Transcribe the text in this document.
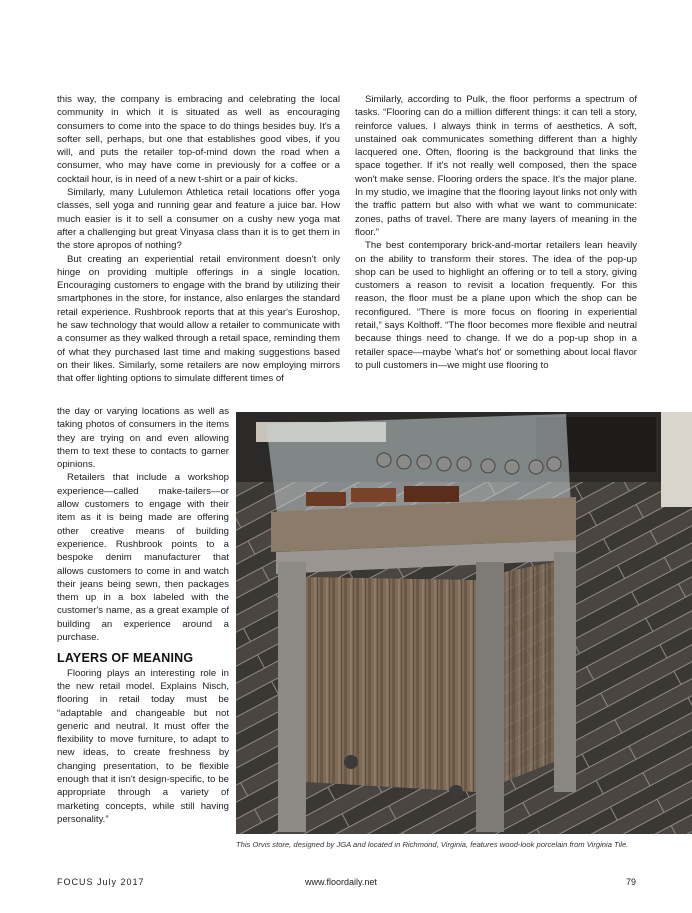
this way, the company is embracing and celebrating the local community in which it is situated as well as encouraging consumers to come into the space to do things besides buy. It's a softer sell, perhaps, but one that establishes good vibes, if you will, and puts the retailer top-of-mind down the road when a consumer, who may have come in previously for a coffee or a cocktail hour, is in need of a new t-shirt or a pair of kicks.

Similarly, many Lululemon Athletica retail locations offer yoga classes, sell yoga and running gear and feature a juice bar. How much easier is it to sell a consumer on a cushy new yoga mat after a challenging but great Vinyasa class than it is to get them in the store apropos of nothing?

But creating an experiential retail environment doesn't only hinge on providing multiple offerings in a single location. Encouraging customers to engage with the brand by utilizing their smartphones in the store, for instance, also enlarges the standard retail experience. Rushbrook reports that at this year's Euroshop, he saw technology that would allow a retailer to communicate with a consumer as they walked through a retail space, reminding them of what they purchased last time and making suggestions based on their likes. Similarly, some retailers are now employing mirrors that offer lighting options to simulate different times of

the day or varying locations as well as taking photos of consumers in the items they are trying on and even allowing them to text these to contacts to garner opinions.

Retailers that include a workshop experience—called make-tailers—or allow customers to engage with their item as it is being made are offering other creative means of building experience. Rushbrook points to a bespoke denim manufacturer that allows customers to come in and watch their jeans being sewn, then packages them up in a box labeled with the customer's name, as a great example of building an experience around a purchase.

LAYERS OF MEANING

Flooring plays an interesting role in the new retail model. Explains Nisch, flooring in retail today must be “adaptable and changeable but not generic and neutral. It must offer the flexibility to move furniture, to adapt to new ideas, to create freshness by changing presentation, to be flexible enough that it isn't design-specific, to be appropriate through a variety of marketing concepts, while still having personality.”

Similarly, according to Pulk, the floor performs a spectrum of tasks. “Flooring can do a million different things: it can tell a story, reinforce values. I always think in terms of aesthetics. A soft, unstained oak communicates something different than a highly lacquered one. Often, flooring is the background that links the space together. If it's not really well composed, then the space won't make sense. Flooring orders the space. It's the major plane. In my studio, we imagine that the flooring layout links not only with the traffic pattern but also with what we want to communicate: zones, paths of travel. There are many layers of meaning in the floor.”

The best contemporary brick-and-mortar retailers lean heavily on the ability to transform their stores. The idea of the pop-up shop can be used to highlight an offering or to tell a story, giving customers a reason to revisit a location frequently. For this reason, the floor must be a plane upon which the shop can be reconfigured. “There is more focus on flooring in experiential retail,” says Kolthoff. “The floor becomes more flexible and neutral because things need to change. If we do a pop-up shop in a retailer space—maybe 'what's hot' or something about local flavor to pull customers in—we might use flooring to

This Orvis store, designed by JGA and located in Richmond, Virginia, features wood-look porcelain from Virginia Tile.
FOCUS July 2017	www.floordaily.net	79
